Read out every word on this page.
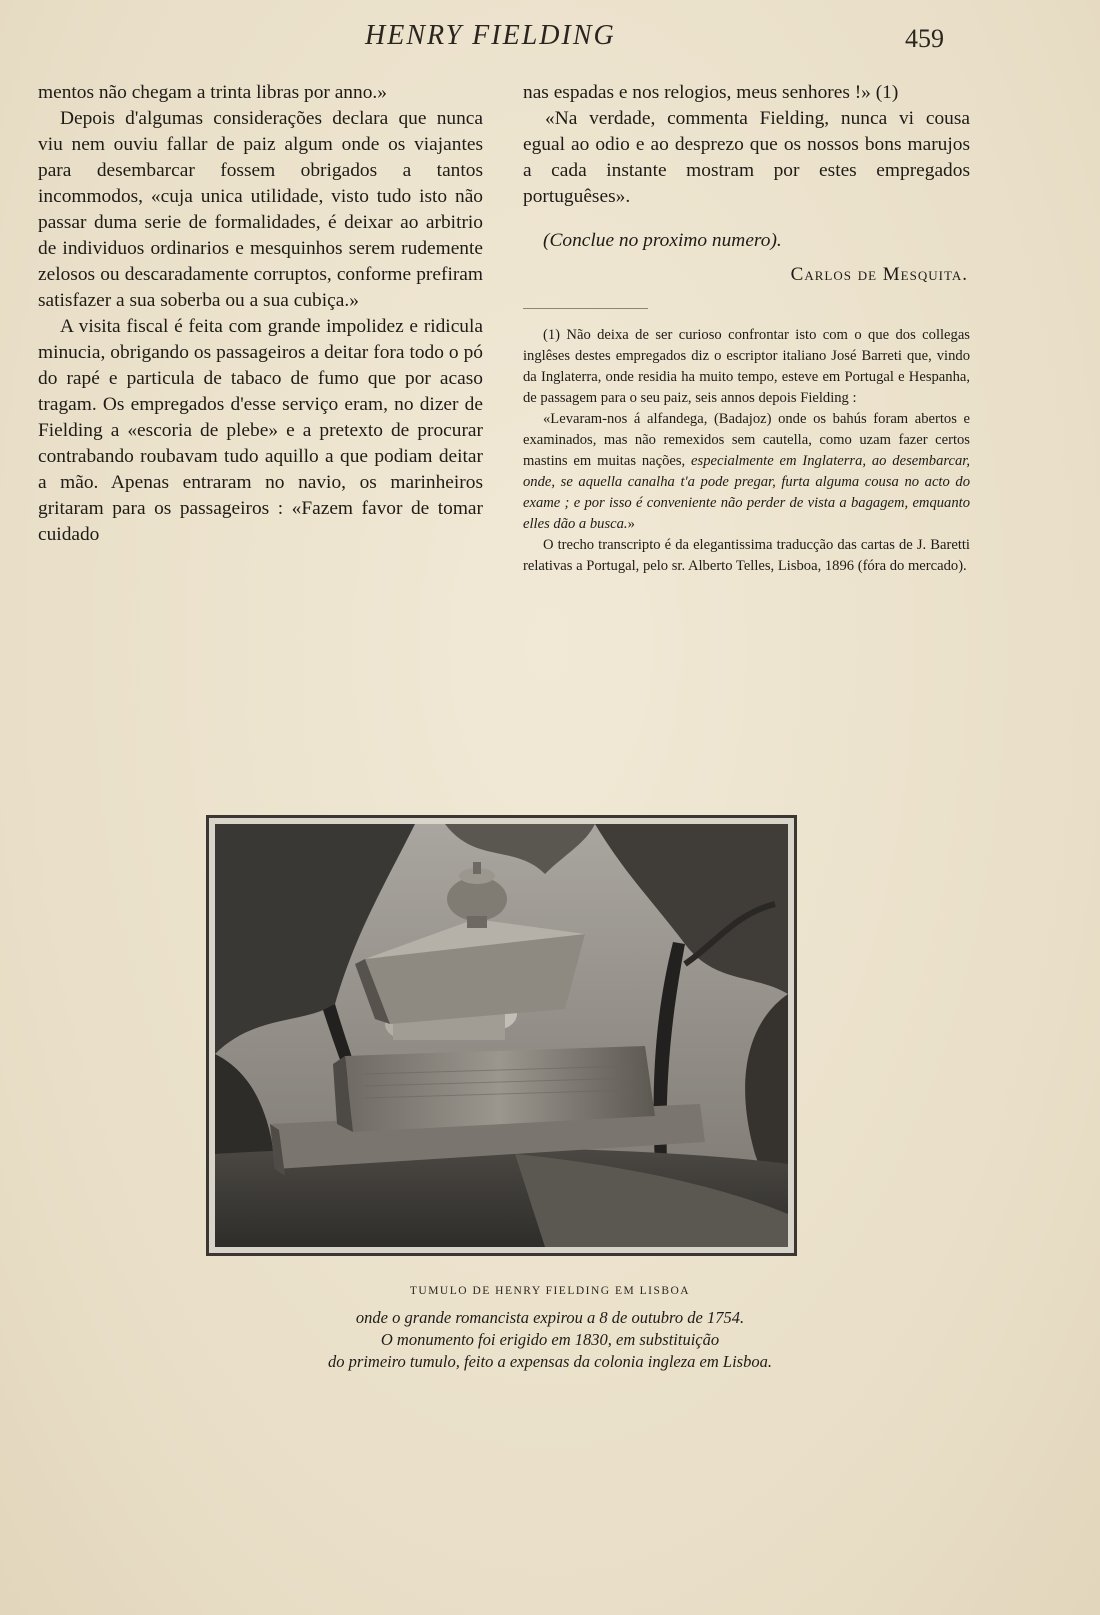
HENRY FIELDING	459

mentos não chegam a trinta libras por anno.»

Depois d'algumas considerações declara que nunca viu nem ouviu fallar de paiz algum onde os viajantes para desembarcar fossem obrigados a tantos incommodos, «cuja unica utilidade, visto tudo isto não passar duma serie de formalidades, é deixar ao arbitrio de individuos ordinarios e mesquinhos serem rudemente zelosos ou descaradamente corruptos, conforme prefiram satisfazer a sua soberba ou a sua cubiça.»

A visita fiscal é feita com grande impolidez e ridicula minucia, obrigando os passageiros a deitar fora todo o pó do rapé e particula de tabaco de fumo que por acaso tragam. Os empregados d'esse serviço eram, no dizer de Fielding a «escoria de plebe» e a pretexto de procurar contrabando roubavam tudo aquillo a que podiam deitar a mão. Apenas entraram no navio, os marinheiros gritaram para os passageiros : «Fazem favor de tomar cuidado

nas espadas e nos relogios, meus senhores !» (1)

«Na verdade, commenta Fielding, nunca vi cousa egual ao odio e ao desprezo que os nossos bons marujos a cada instante mostram por estes empregados portuguêses».

(Conclue no proximo numero).

Carlos de Mesquita.

(1) Não deixa de ser curioso confrontar isto com o que dos collegas inglêses destes empregados diz o escriptor italiano José Barreti que, vindo da Inglaterra, onde residia ha muito tempo, esteve em Portugal e Hespanha, de passagem para o seu paiz, seis annos depois Fielding :

«Levaram-nos á alfandega, (Badajoz) onde os bahús foram abertos e examinados, mas não remexidos sem cautella, como uzam fazer certos mastins em muitas nações, especialmente em Inglaterra, ao desembarcar, onde, se aquella canalha t'a pode pregar, furta alguma cousa no acto do exame ; e por isso é conveniente não perder de vista a bagagem, emquanto elles dão a busca.»

O trecho transcripto é da elegantissima traducção das cartas de J. Baretti relativas a Portugal, pelo sr. Alberto Telles, Lisboa, 1896 (fóra do mercado).

TUMULO DE HENRY FIELDING EM LISBOA
onde o grande romancista expirou a 8 de outubro de 1754.
O monumento foi erigido em 1830, em substituição
do primeiro tumulo, feito a expensas da colonia ingleza em Lisboa.
